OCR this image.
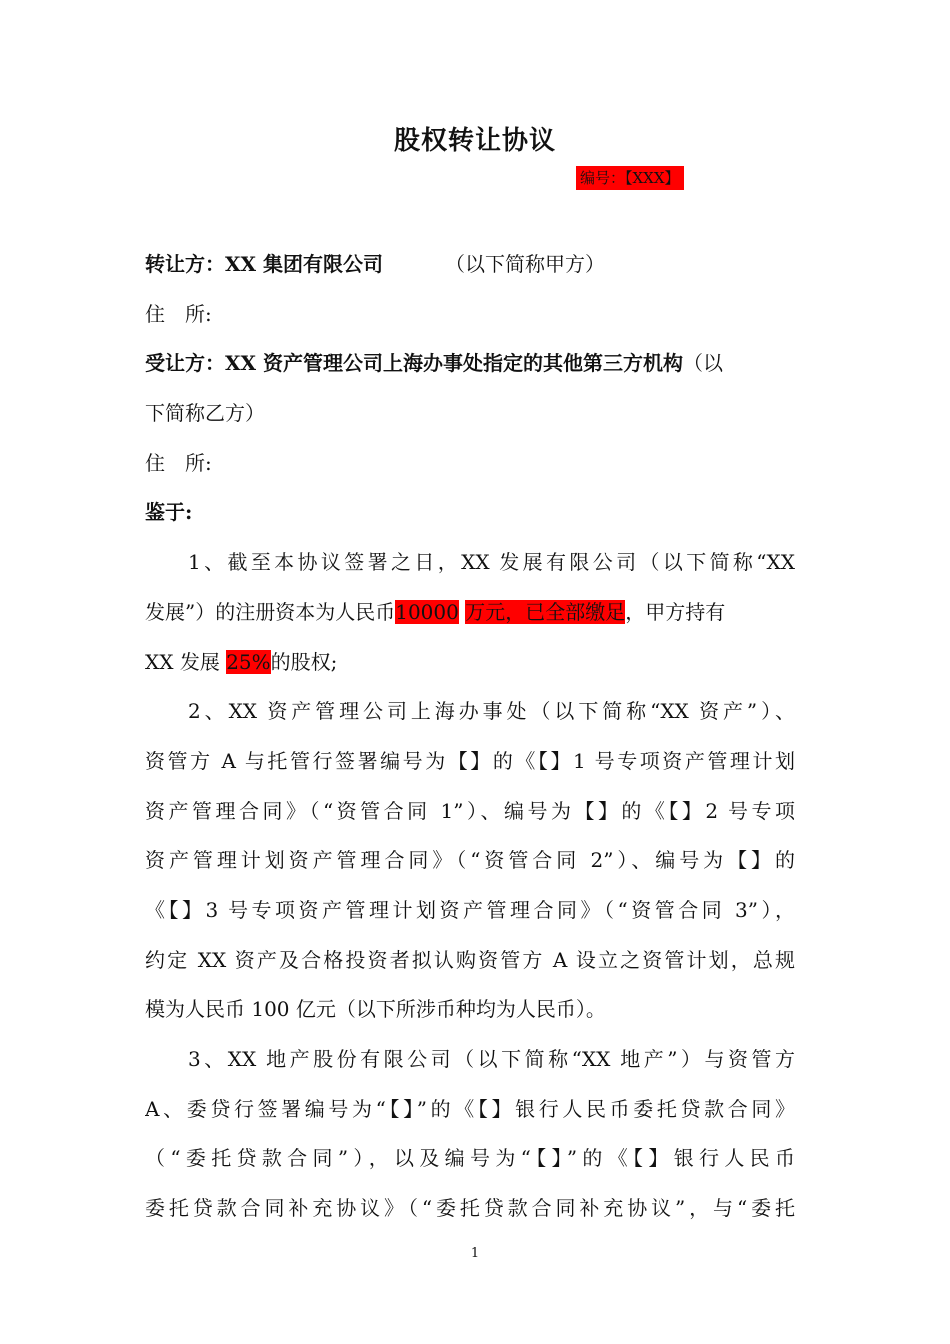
股权转让协议
编号：【XXX】
转让方：XX 集团有限公司	（以下简称甲方）
住　所:
受让方：XX 资产管理公司上海办事处指定的其他第三方机构（以
下简称乙方）
住　所:
鉴于:
1、截至本协议签署之日，XX 发展有限公司（以下简称“XX
发展”）的注册资本为人民币10000 万元，已全部缴足，甲方持有
XX 发展 25%的股权;
2、XX 资产管理公司上海办事处（以下简称“XX 资产”）、
资管方 A 与托管行签署编号为【】的《【】1 号专项资产管理计划
资产管理合同》（“资管合同 1”）、编号为【】的《【】2 号专项
资产管理计划资产管理合同》（“资管合同 2”）、编号为【】的
《【】3 号专项资产管理计划资产管理合同》（“资管合同 3”），
约定 XX 资产及合格投资者拟认购资管方 A 设立之资管计划，总规
模为人民币 100 亿元（以下所涉币种均为人民币）。
3、XX 地产股份有限公司（以下简称“XX 地产”）与资管方
A、委贷行签署编号为“【】”的《【】银行人民币委托贷款合同》
（“委托贷款合同”），以及编号为“【】”的《【】银行人民币
委托贷款合同补充协议》（“委托贷款合同补充协议”，与“委托
1
